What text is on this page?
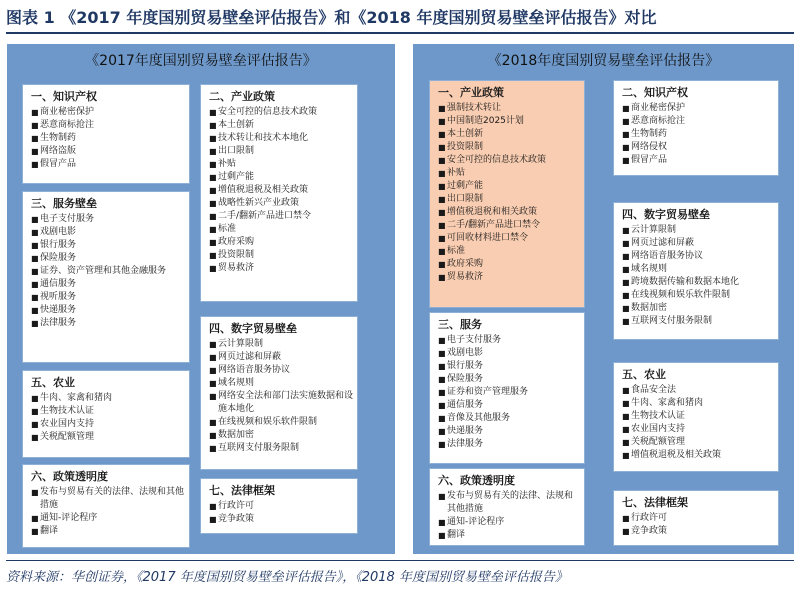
图表 1 《2017 年度国别贸易壁垒评估报告》和《2018 年度国别贸易壁垒评估报告》对比
《2017年度国别贸易壁垒评估报告》
一、知识产权
■ 商业秘密保护
■ 恶意商标抢注
■ 生物制药
■ 网络盗版
■ 假冒产品
二、产业政策
■ 安全可控的信息技术政策
■ 本土创新
■ 技术转让和技术本地化
■ 出口限制
■ 补贴
■ 过剩产能
■ 增值税退税及相关政策
■ 战略性新兴产业政策
■ 二手/翻新产品进口禁令
■ 标准
■ 政府采购
■ 投资限制
■ 贸易救济
三、服务壁垒
■ 电子支付服务
■ 戏剧电影
■ 银行服务
■ 保险服务
■ 证券、资产管理和其他金融服务
■ 通信服务
■ 视听服务
■ 快递服务
■ 法律服务	四、数字贸易壁垒
■ 云计算限制
■ 网页过滤和屏蔽
■ 网络语音服务协议
■ 域名规则
■ 网络安全法和部门法实施数据和设施本地化
■ 在线视频和娱乐软件限制
■ 数据加密
■ 互联网支付服务限制
五、农业
■ 牛肉、家禽和猪肉
■ 生物技术认证
■ 农业国内支持
■ 关税配额管理
六、政策透明度
■ 发布与贸易有关的法律、法规和其他措施
■ 通知-评论程序
■ 翻译
七、法律框架
■ 行政许可
■ 竞争政策
《2018年度国别贸易壁垒评估报告》
一、产业政策
■ 强制技术转让
■ 中国制造2025计划
■ 本土创新
■ 投资限制
■ 安全可控的信息技术政策
■ 补贴
■ 过剩产能
■ 出口限制
■ 增值税退税和相关政策
■ 二手/翻新产品进口禁令
■ 可回收材料进口禁令
■ 标准
■ 政府采购
■ 贸易救济
二、知识产权
■ 商业秘密保护
■ 恶意商标抢注
■ 生物制药
■ 网络侵权
■ 假冒产品
三、服务
■ 电子支付服务
■ 戏剧电影
■ 银行服务
■ 保险服务
■ 证券和资产管理服务
■ 通信服务
■ 音像及其他服务
■ 快递服务
■ 法律服务
四、数字贸易壁垒
■ 云计算限制
■ 网页过滤和屏蔽
■ 网络语音服务协议
■ 域名规则
■ 跨境数据传输和数据本地化
■ 在线视频和娱乐软件限制
■ 数据加密
■ 互联网支付服务限制
五、农业
■ 食品安全法
■ 牛肉、家禽和猪肉
■ 生物技术认证
■ 农业国内支持
■ 关税配额管理
■ 增值税退税及相关政策
六、政策透明度
■ 发布与贸易有关的法律、法规和其他措施
■ 通知-评论程序
■ 翻译
七、法律框架
■ 行政许可
■ 竞争政策
资料来源：华创证券，《2017 年度国别贸易壁垒评估报告》，《2018 年度国别贸易壁垒评估报告》
